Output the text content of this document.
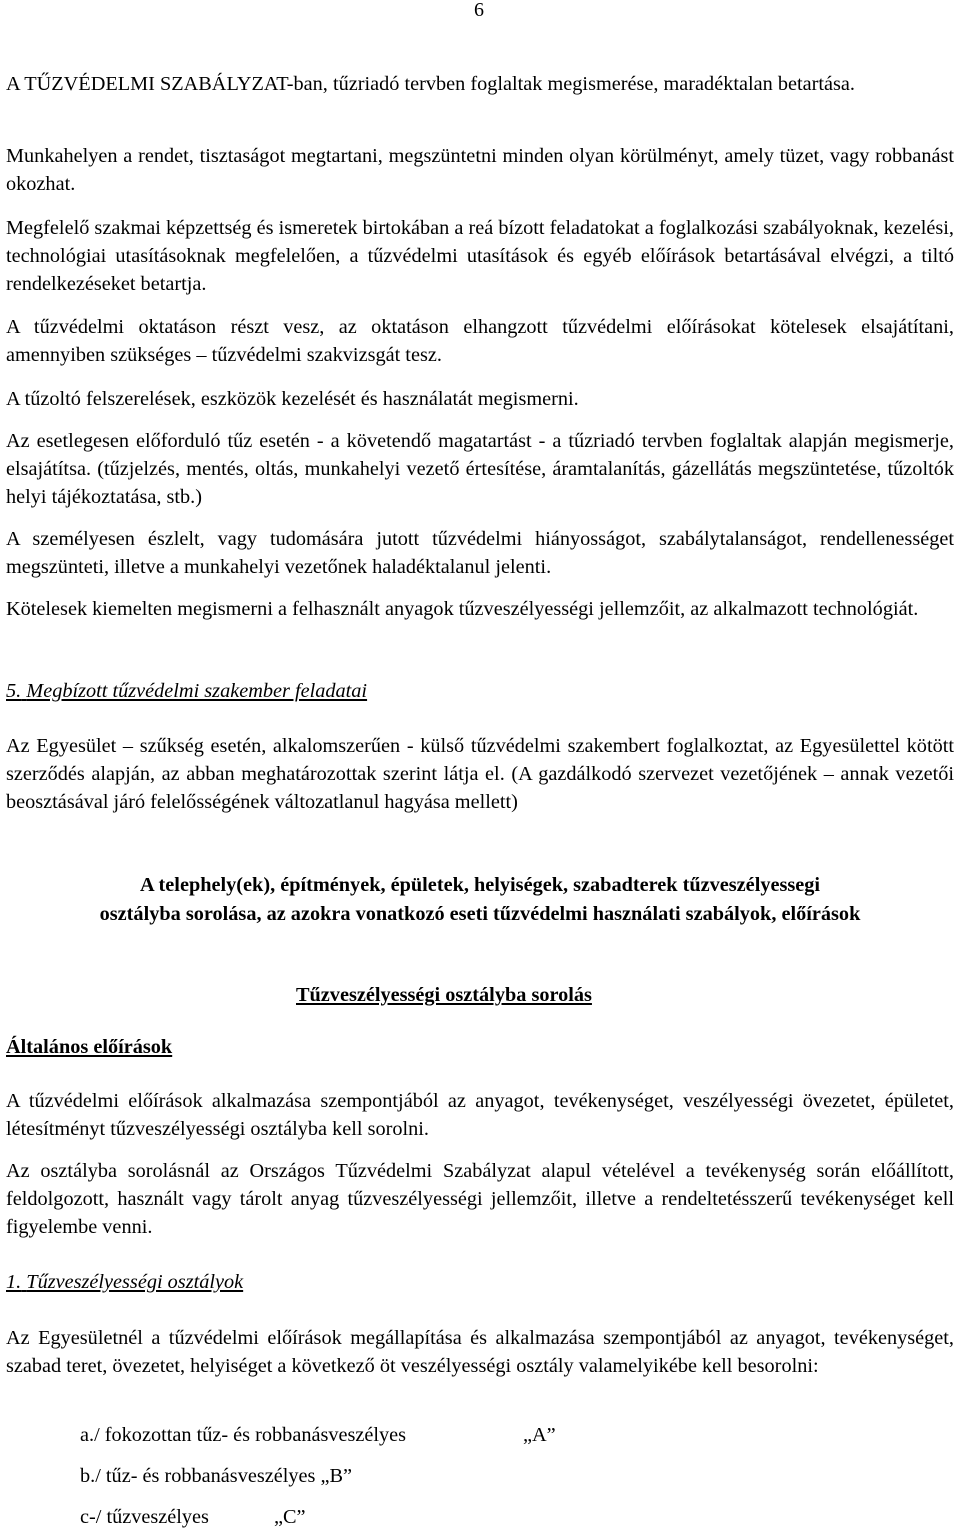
6

A TŰZVÉDELMI SZABÁLYZAT-ban, tűzriadó tervben foglaltak megismerése, maradéktalan betartása.

Munkahelyen a rendet, tisztaságot megtartani, megszüntetni minden olyan körülményt, amely tüzet, vagy robbanást okozhat.

Megfelelő szakmai képzettség és ismeretek birtokában a reá bízott feladatokat a foglalkozási szabályoknak, kezelési, technológiai utasításoknak megfelelően, a tűzvédelmi utasítások és egyéb előírások betartásával elvégzi, a tiltó rendelkezéseket betartja.

A tűzvédelmi oktatáson részt vesz, az oktatáson elhangzott tűzvédelmi előírásokat kötelesek elsajátítani, amennyiben szükséges – tűzvédelmi szakvizsgát tesz.

A tűzoltó felszerelések, eszközök kezelését és használatát megismerni.

Az esetlegesen előforduló tűz esetén - a követendő magatartást - a tűzriadó tervben foglaltak alapján megismerje, elsajátítsa. (tűzjelzés, mentés, oltás, munkahelyi vezető értesítése, áramtalanítás, gázellátás megszüntetése, tűzoltók helyi tájékoztatása, stb.)

A személyesen észlelt, vagy tudomására jutott tűzvédelmi hiányosságot, szabálytalanságot, rendellenességet megszünteti, illetve a munkahelyi vezetőnek haladéktalanul jelenti.

Kötelesek kiemelten megismerni a felhasznált anyagok tűzveszélyességi jellemzőit, az alkalmazott technológiát.

5. Megbízott tűzvédelmi szakember feladatai

Az Egyesület – szűkség esetén, alkalomszerűen - külső tűzvédelmi szakembert foglalkoztat, az Egyesülettel kötött szerződés alapján, az abban meghatározottak szerint látja el. (A gazdálkodó szervezet vezetőjének – annak vezetői beosztásával járó felelősségének változatlanul hagyása mellett)

A telephely(ek), építmények, épületek, helyiségek, szabadterek tűzveszélyessegi
osztályba sorolása, az azokra vonatkozó eseti tűzvédelmi használati szabályok, előírások
Tűzveszélyességi osztályba sorolás
Általános előírások

A tűzvédelmi előírások alkalmazása szempontjából az anyagot, tevékenységet, veszélyességi övezetet, épületet, létesítményt tűzveszélyességi osztályba kell sorolni.

Az osztályba sorolásnál az Országos Tűzvédelmi Szabályzat alapul vételével a tevékenység során előállított, feldolgozott, használt vagy tárolt anyag tűzveszélyességi jellemzőit, illetve a rendeltetésszerű tevékenységet kell figyelembe venni.

1. Tűzveszélyességi osztályok

Az Egyesületnél a tűzvédelmi előírások megállapítása és alkalmazása szempontjából az anyagot, tevékenységet, szabad teret, övezetet, helyiséget a következő öt veszélyességi osztály valamelyikébe kell besorolni:

a./ fokozottan tűz- és robbanásveszélyes	„A”
b./ tűz- és robbanásveszélyes „B”
c-/ tűzveszélyes	„C”
